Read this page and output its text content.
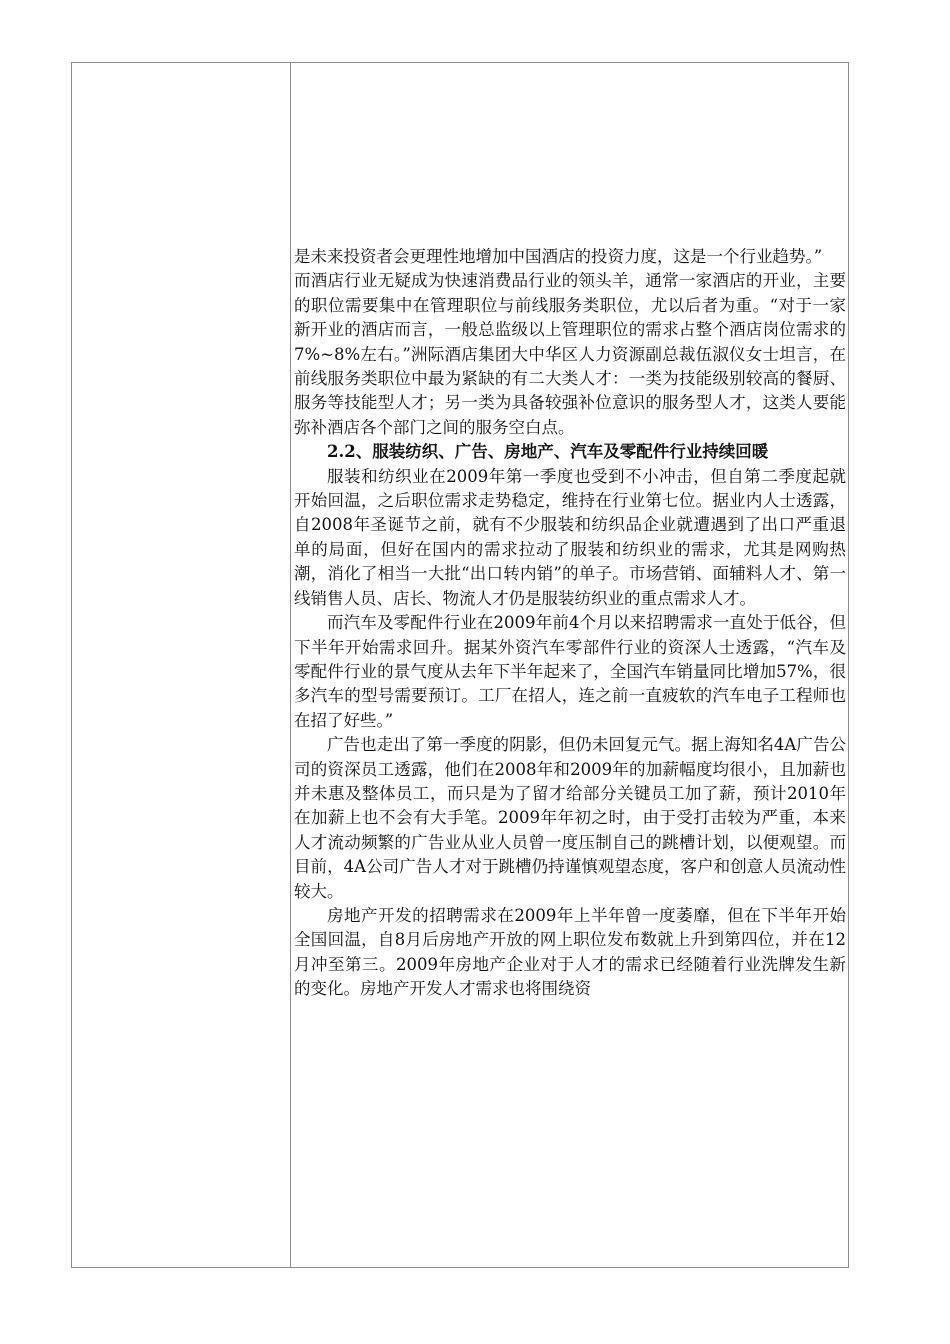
是未来投资者会更理性地增加中国酒店的投资力度，这是一个行业趋势。”

而酒店行业无疑成为快速消费品行业的领头羊，通常一家酒店的开业，主要的职位需要集中在管理职位与前线服务类职位，尤以后者为重。“对于一家新开业的酒店而言，一般总监级以上管理职位的需求占整个酒店岗位需求的7%~8%左右。”洲际酒店集团大中华区人力资源副总裁伍淑仪女士坦言，在前线服务类职位中最为紧缺的有二大类人才：一类为技能级别较高的餐厨、服务等技能型人才；另一类为具备较强补位意识的服务型人才，这类人要能弥补酒店各个部门之间的服务空白点。

2.2、服装纺织、广告、房地产、汽车及零配件行业持续回暖

服装和纺织业在2009年第一季度也受到不小冲击，但自第二季度起就开始回温，之后职位需求走势稳定，维持在行业第七位。据业内人士透露，自2008年圣诞节之前，就有不少服装和纺织品企业就遭遇到了出口严重退单的局面，但好在国内的需求拉动了服装和纺织业的需求，尤其是网购热潮，消化了相当一大批“出口转内销”的单子。市场营销、面辅料人才、第一线销售人员、店长、物流人才仍是服装纺织业的重点需求人才。

而汽车及零配件行业在2009年前4个月以来招聘需求一直处于低谷，但下半年开始需求回升。据某外资汽车零部件行业的资深人士透露，“汽车及零配件行业的景气度从去年下半年起来了，全国汽车销量同比增加57%，很多汽车的型号需要预订。工厂在招人，连之前一直疲软的汽车电子工程师也在招了好些。”

广告也走出了第一季度的阴影，但仍未回复元气。据上海知名4A广告公司的资深员工透露，他们在2008年和2009年的加薪幅度均很小，且加薪也并未惠及整体员工，而只是为了留才给部分关键员工加了薪，预计2010年在加薪上也不会有大手笔。2009年年初之时，由于受打击较为严重，本来人才流动频繁的广告业从业人员曾一度压制自己的跳槽计划，以便观望。而目前，4A公司广告人才对于跳槽仍持谨慎观望态度，客户和创意人员流动性较大。

房地产开发的招聘需求在2009年上半年曾一度萎靡，但在下半年开始全国回温，自8月后房地产开放的网上职位发布数就上升到第四位，并在12月冲至第三。2009年房地产企业对于人才的需求已经随着行业洗牌发生新的变化。房地产开发人才需求也将围绕资
